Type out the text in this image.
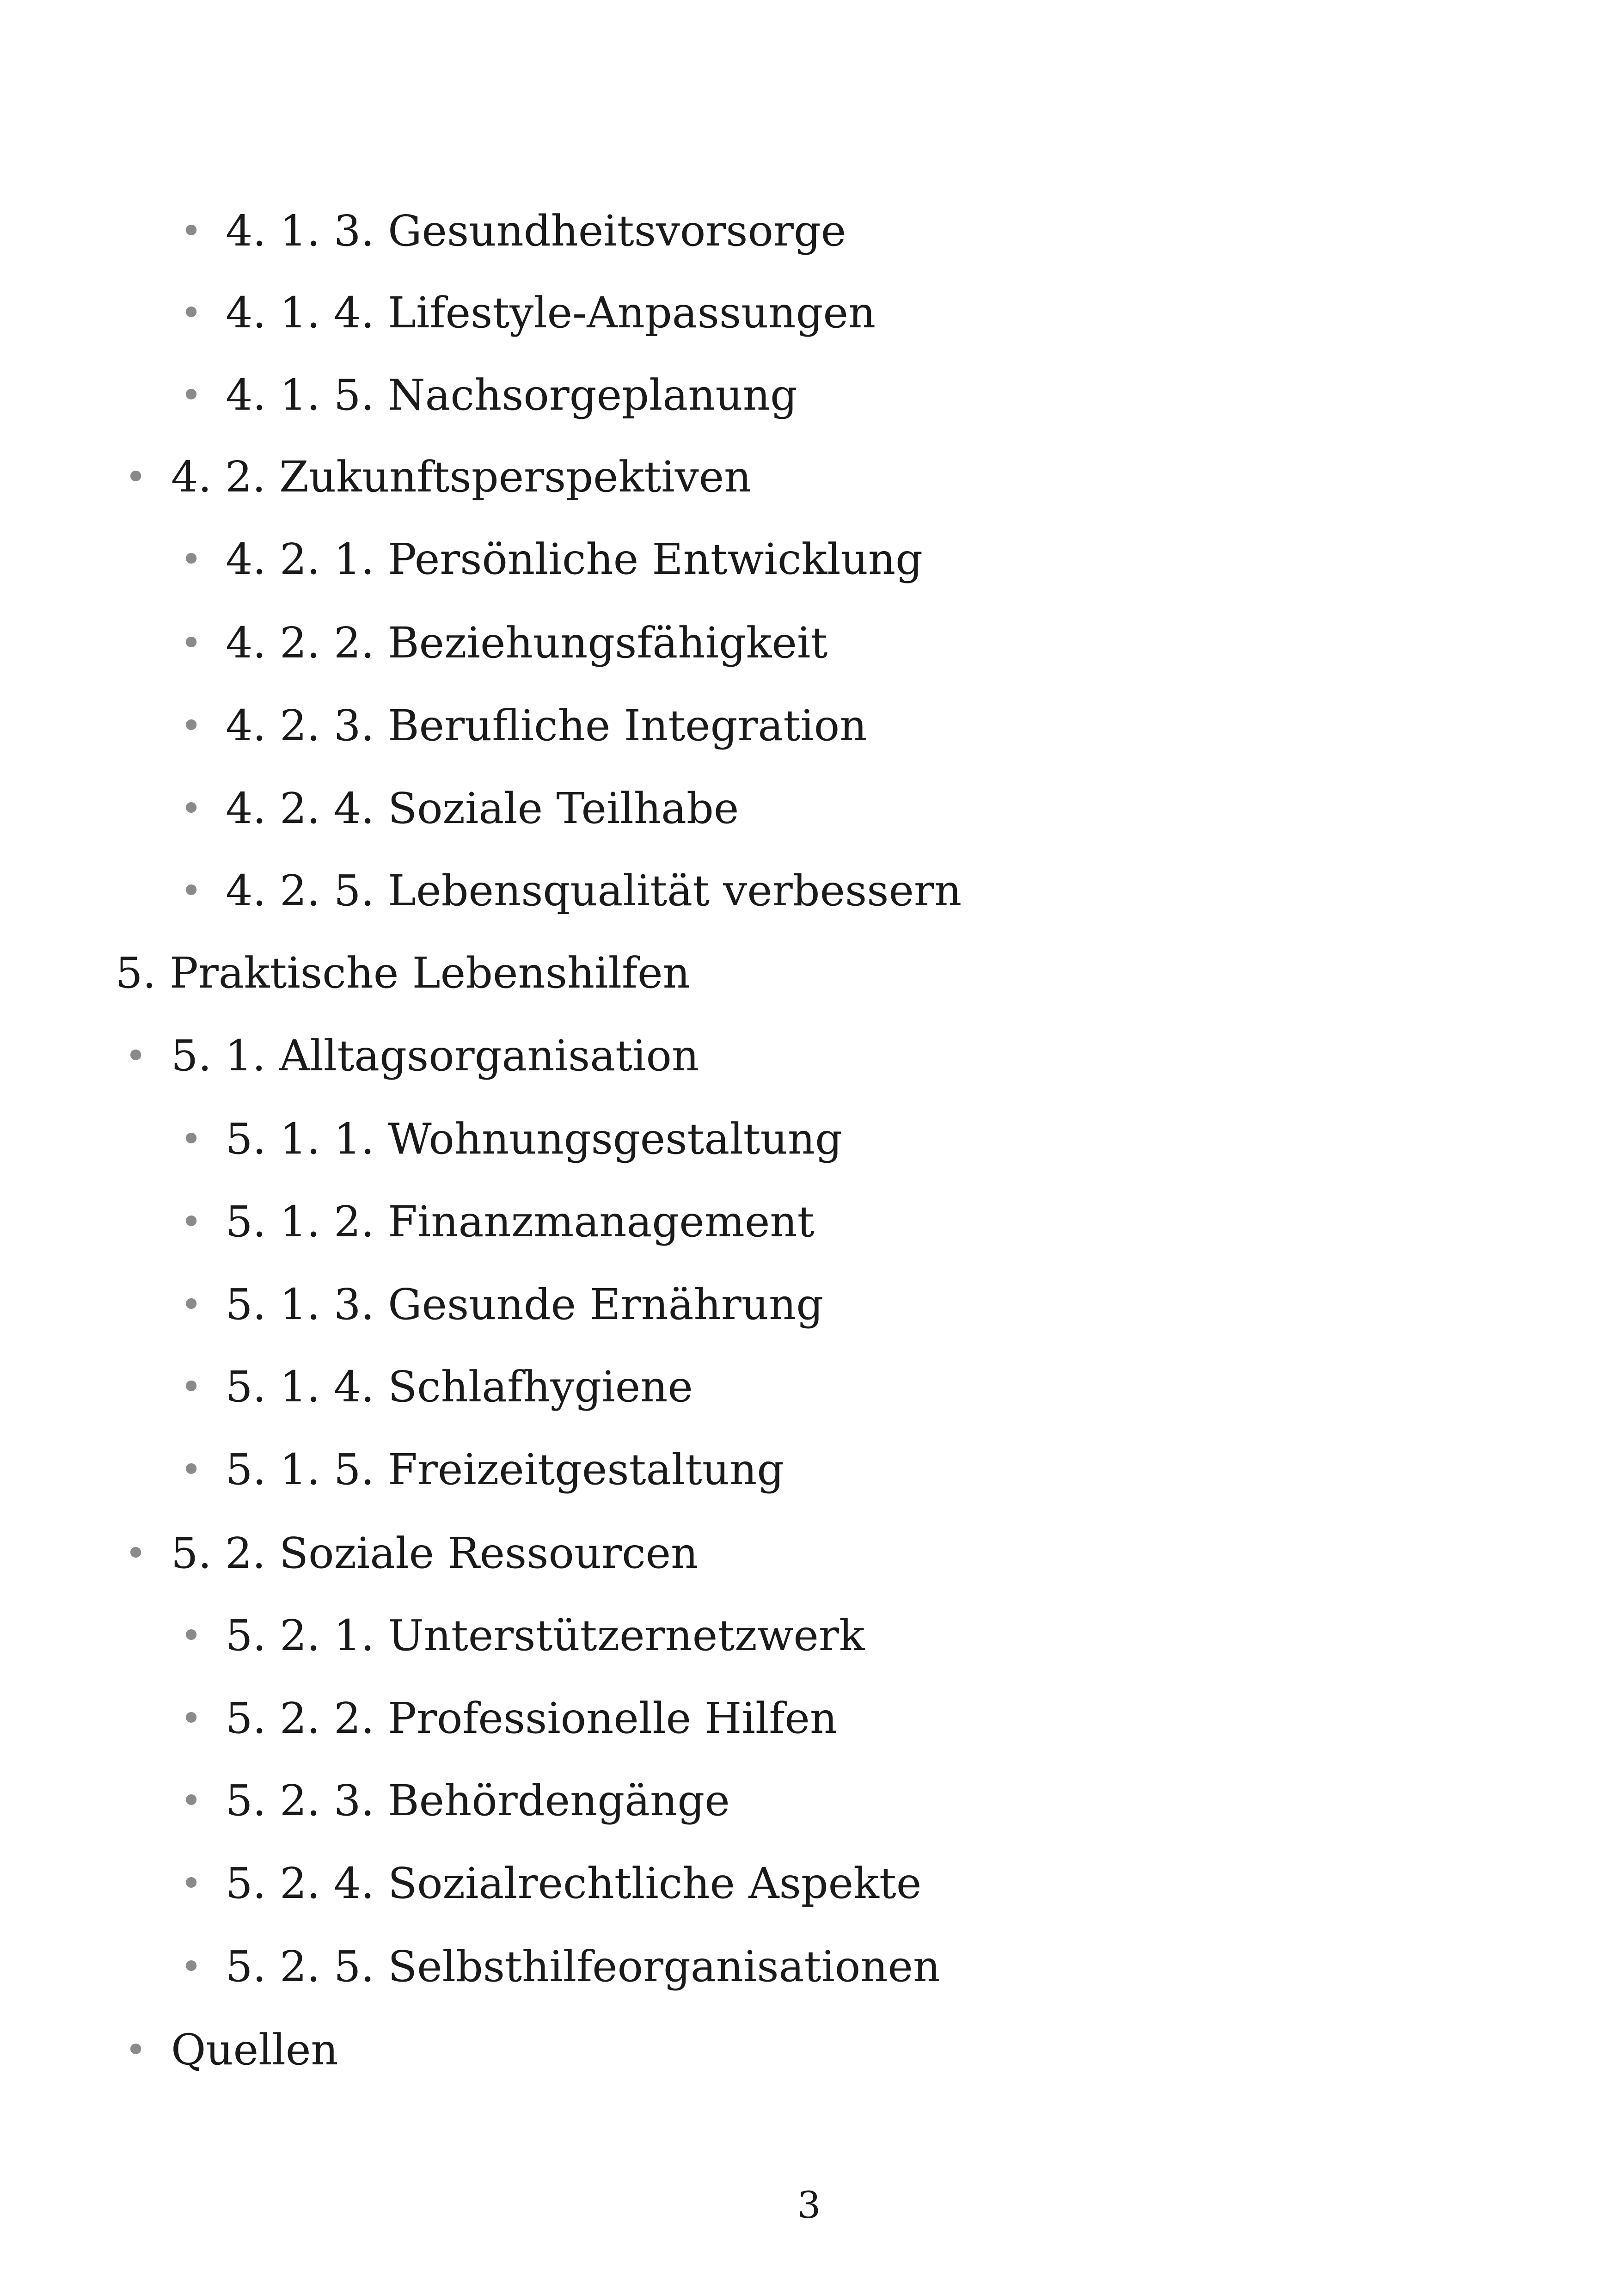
• 4. 1. 3. Gesundheitsvorsorge
• 4. 1. 4. Lifestyle-Anpassungen
• 4. 1. 5. Nachsorgeplanung
• 4. 2. Zukunftsperspektiven
• 4. 2. 1. Persönliche Entwicklung
• 4. 2. 2. Beziehungsfähigkeit
• 4. 2. 3. Berufliche Integration
• 4. 2. 4. Soziale Teilhabe
• 4. 2. 5. Lebensqualität verbessern
5. Praktische Lebenshilfen
• 5. 1. Alltagsorganisation
• 5. 1. 1. Wohnungsgestaltung
• 5. 1. 2. Finanzmanagement
• 5. 1. 3. Gesunde Ernährung
• 5. 1. 4. Schlafhygiene
• 5. 1. 5. Freizeitgestaltung
• 5. 2. Soziale Ressourcen
• 5. 2. 1. Unterstützernetzwerk
• 5. 2. 2. Professionelle Hilfen
• 5. 2. 3. Behördengänge
• 5. 2. 4. Sozialrechtliche Aspekte
• 5. 2. 5. Selbsthilfeorganisationen
• Quellen
3
